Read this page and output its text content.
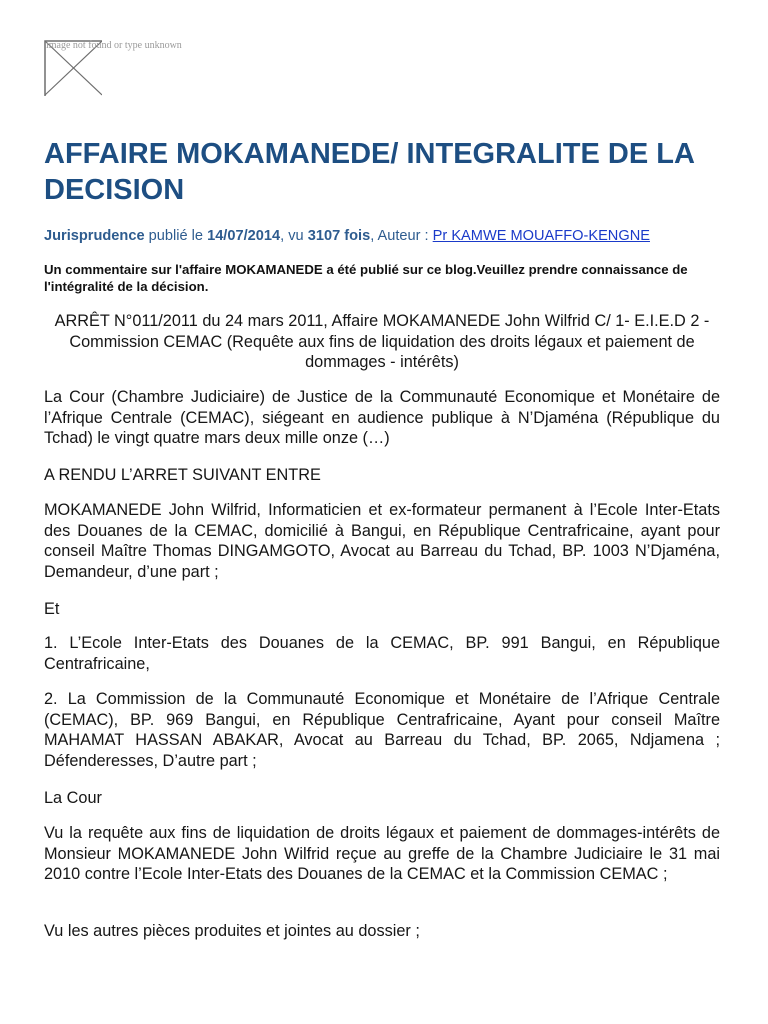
image not found or type unknown
AFFAIRE MOKAMANEDE/ INTEGRALITE DE LA DECISION
Jurisprudence publié le 14/07/2014, vu 3107 fois, Auteur : Pr KAMWE MOUAFFO-KENGNE
Un commentaire sur l'affaire MOKAMANEDE a été publié sur ce blog.Veuillez prendre connaissance de l'intégralité de la décision.

ARRÊT N°011/2011 du 24 mars 2011, Affaire MOKAMANEDE John Wilfrid C/ 1- E.I.E.D 2 - Commission CEMAC (Requête aux fins de liquidation des droits légaux et paiement de dommages - intérêts)

La Cour (Chambre Judiciaire) de Justice de la Communauté Economique et Monétaire de l’Afrique Centrale (CEMAC), siégeant en audience publique à N’Djaména (République du Tchad) le vingt quatre mars deux mille onze (…)

A RENDU L’ARRET SUIVANT ENTRE

MOKAMANEDE John Wilfrid, Informaticien et ex-formateur permanent à l’Ecole Inter-Etats des Douanes de la CEMAC, domicilié à Bangui, en République Centrafricaine, ayant pour conseil Maître Thomas DINGAMGOTO, Avocat au Barreau du Tchad, BP. 1003 N’Djaména, Demandeur, d’une part ;

Et

1. L’Ecole Inter-Etats des Douanes de la CEMAC, BP. 991 Bangui, en République Centrafricaine,

2. La Commission de la Communauté Economique et Monétaire de l’Afrique Centrale (CEMAC), BP. 969 Bangui, en République Centrafricaine, Ayant pour conseil Maître MAHAMAT HASSAN ABAKAR, Avocat au Barreau du Tchad, BP. 2065, Ndjamena ; Défenderesses, D’autre part ;

La Cour

Vu la requête aux fins de liquidation de droits légaux et paiement de dommages-intérêts de Monsieur MOKAMANEDE John Wilfrid reçue au greffe de la Chambre Judiciaire le 31 mai 2010 contre l’Ecole Inter-Etats des Douanes de la CEMAC et la Commission CEMAC ;

Vu les autres pièces produites et jointes au dossier ;
